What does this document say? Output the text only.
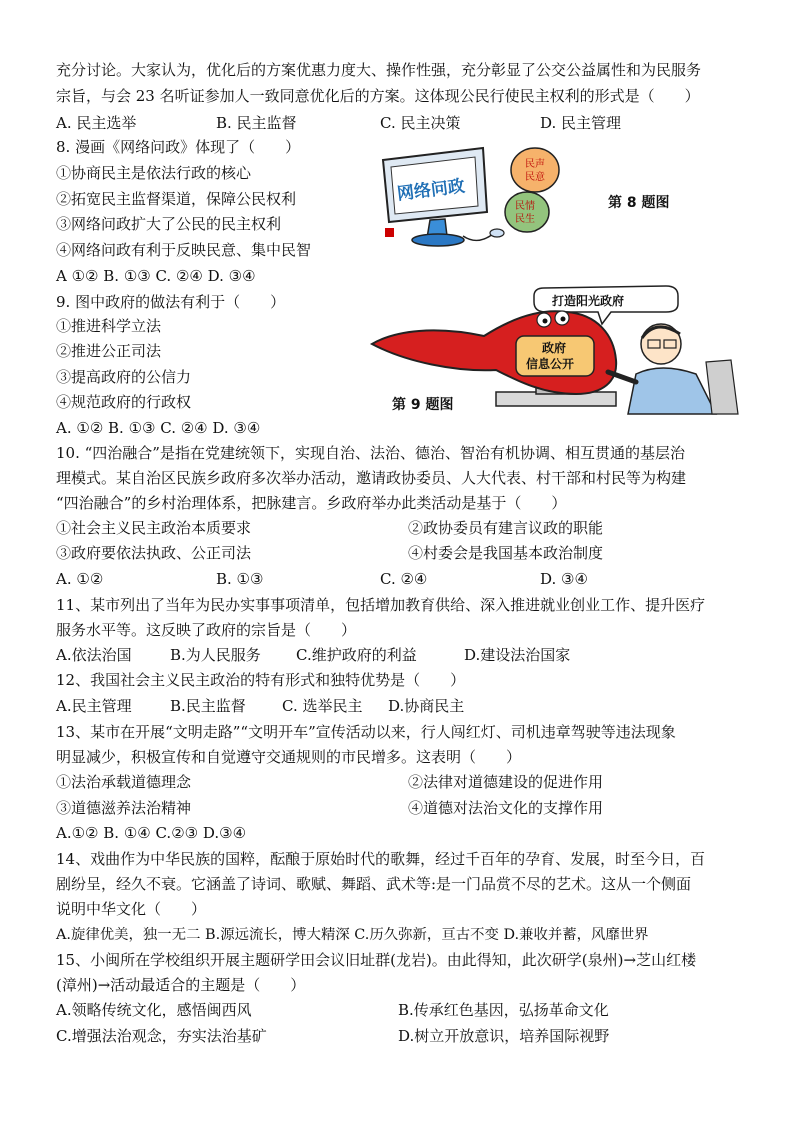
充分讨论。大家认为，优化后的方案优惠力度大、操作性强，充分彰显了公交公益属性和为民服务
宗旨，与会 23 名听证参加人一致同意优化后的方案。这体现公民行使民主权利的形式是（　　）
A. 民主选举	B. 民主监督	C. 民主决策	D. 民主管理
8. 漫画《网络问政》体现了（　　）
①协商民主是依法行政的核心
②拓宽民主监督渠道，保障公民权利
③网络问政扩大了公民的民主权利
④网络问政有利于反映民意、集中民智
A ①② B. ①③ C. ②④ D. ③④
网络问政
民声
民意
民情
民生
第 8 题图
9. 图中政府的做法有利于（　　）
①推进科学立法
②推进公正司法
③提高政府的公信力
④规范政府的行政权
A. ①② B. ①③ C. ②④ D. ③④
打造阳光政府
政府
信息公开
第 9 题图
10. “四治融合”是指在党建统领下，实现自治、法治、德治、智治有机协调、相互贯通的基层治
理模式。某自治区民族乡政府多次举办活动，邀请政协委员、人大代表、村干部和村民等为构建
“四治融合”的乡村治理体系，把脉建言。乡政府举办此类活动是基于（　　）
①社会主义民主政治本质要求	②政协委员有建言议政的职能
③政府要依法执政、公正司法	④村委会是我国基本政治制度
A. ①②	B. ①③	C. ②④	D. ③④
11、某市列出了当年为民办实事事项清单，包括增加教育供给、深入推进就业创业工作、提升医疗
服务水平等。这反映了政府的宗旨是（　　）
A.依法治国	B.为人民服务 C.维护政府的利益	D.建设法治国家
12、我国社会主义民主政治的特有形式和独特优势是（　　）
A.民主管理	B.民主监督 C. 选举民主 D.协商民主
13、某市在开展“文明走路”“文明开车”宣传活动以来，行人闯红灯、司机违章驾驶等违法现象
明显减少，积极宣传和自觉遵守交通规则的市民增多。这表明（　　）
①法治承载道德理念	②法律对道德建设的促进作用
③道德滋养法治精神	④道德对法治文化的支撑作用
A.①② B. ①④ C.②③ D.③④
14、戏曲作为中华民族的国粹，酝酿于原始时代的歌舞，经过千百年的孕育、发展，时至今日，百
剧纷呈，经久不衰。它涵盖了诗词、歌赋、舞蹈、武术等:是一门品赏不尽的艺术。这从一个侧面
说明中华文化（　　）
A.旋律优美，独一无二 B.源远流长，博大精深 C.历久弥新，亘古不变 D.兼收并蓄，风靡世界
15、小闽所在学校组织开展主题研学田会议旧址群(龙岩)。由此得知，此次研学(泉州)→芝山红楼
(漳州)→活动最适合的主题是（　　）
A.领略传统文化，感悟闽西风	B.传承红色基因，弘扬革命文化
C.增强法治观念，夯实法治基矿	D.树立开放意识，培养国际视野
